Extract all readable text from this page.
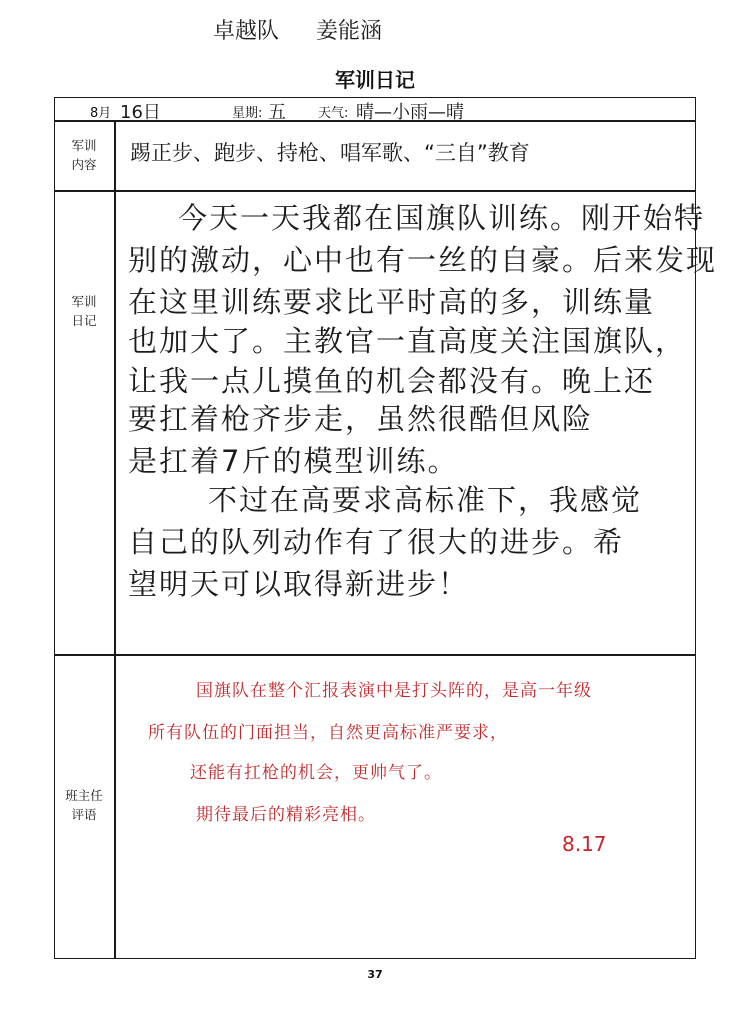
卓越队 姜能涵
军训日记
8月 16日	星期: 五 天气: 晴—小雨—晴
军训
内容	踢正步、跑步、持枪、唱军歌、“三自”教育
军训
日记
今天一天我都在国旗队训练。刚开始特
别的激动，心中也有一丝的自豪。后来发现
在这里训练要求比平时高的多，训练量
也加大了。主教官一直高度关注国旗队，
让我一点儿摸鱼的机会都没有。晚上还
要扛着枪齐步走，虽然很酷但风险
是扛着7斤的模型训练。
不过在高要求高标准下，我感觉
自己的队列动作有了很大的进步。希
望明天可以取得新进步！
班主任
评语
国旗队在整个汇报表演中是打头阵的，是高一年级
所有队伍的门面担当，自然更高标准严要求，
还能有扛枪的机会，更帅气了。
期待最后的精彩亮相。
8.17
37
